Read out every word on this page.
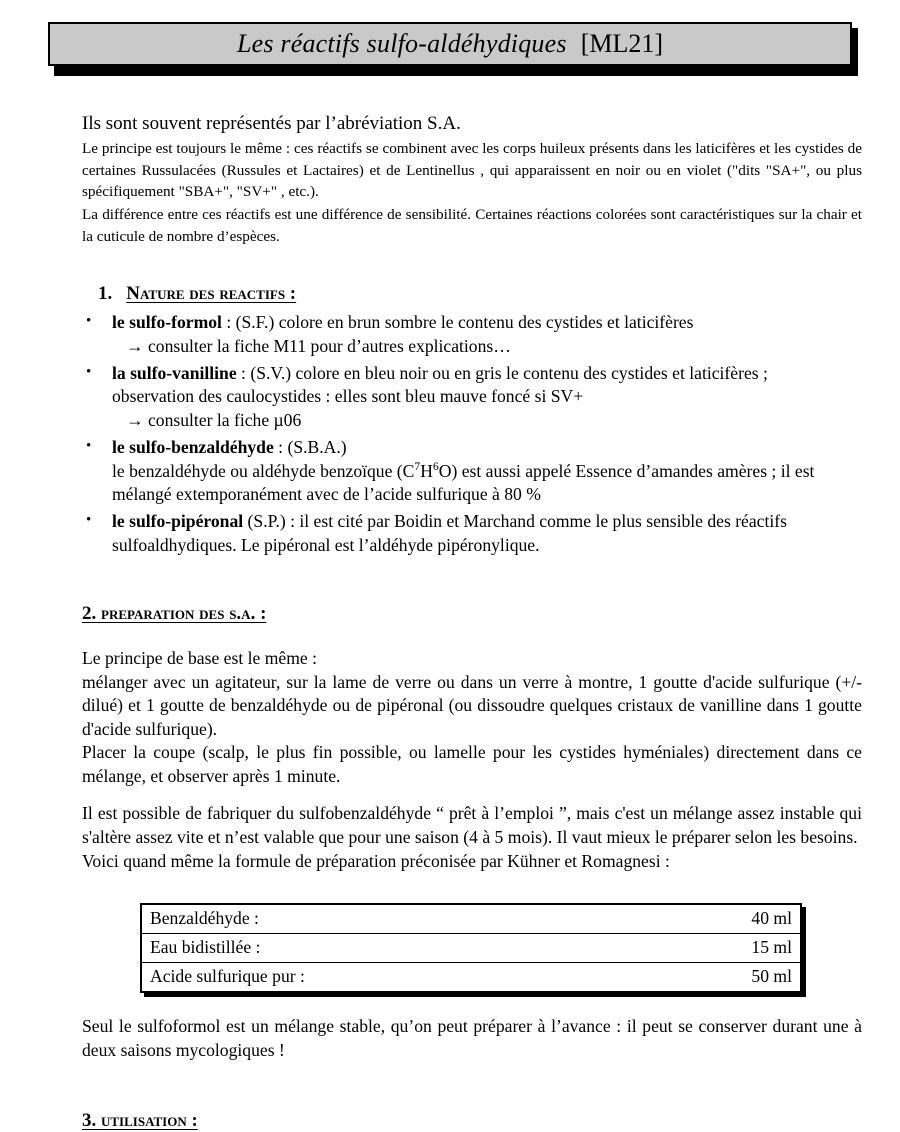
Les réactifs sulfo-aldéhydiques [ML21]

Ils sont souvent représentés par l’abréviation S.A.

Le principe est toujours le même : ces réactifs se combinent avec les corps huileux présents dans les laticifères et les cystides de certaines Russulacées (Russules et Lactaires) et de Lentinellus , qui apparaissent en noir ou en violet ("dits "SA+", ou plus spécifiquement "SBA+", "SV+" , etc.).

La différence entre ces réactifs est une différence de sensibilité. Certaines réactions colorées sont caractéristiques sur la chair et la cuticule de nombre d’espèces.

1. nature des reactifs :
• le sulfo-formol : (S.F.) colore en brun sombre le contenu des cystides et laticifères
→ consulter la fiche M11 pour d’autres explications…
• la sulfo-vanilline : (S.V.) colore en bleu noir ou en gris le contenu des cystides et laticifères ;
observation des caulocystides : elles sont bleu mauve foncé si SV+
→ consulter la fiche µ06
• le sulfo-benzaldéhyde : (S.B.A.)
le benzaldéhyde ou aldéhyde benzoïque $(C^7H^6O)$ est aussi appelé Essence d’amandes amères ; il est mélangé extemporanément avec de l’acide sulfurique à 80 %
• le sulfo-pipéronal (S.P.) : il est cité par Boidin et Marchand comme le plus sensible des réactifs sulfoaldhydiques. Le pipéronal est l’aldéhyde pipéronylique.
2. preparation des s.a. :

Le principe de base est le même :

mélanger avec un agitateur, sur la lame de verre ou dans un verre à montre, 1 goutte d'acide sulfurique (+/- dilué) et 1 goutte de benzaldéhyde ou de pipéronal (ou dissoudre quelques cristaux de vanilline dans 1 goutte d'acide sulfurique).

Placer la coupe (scalp, le plus fin possible, ou lamelle pour les cystides hyméniales) directement dans ce mélange, et observer après 1 minute.

Il est possible de fabriquer du sulfobenzaldéhyde “ prêt à l’emploi ”, mais c'est un mélange assez instable qui s'altère assez vite et n’est valable que pour une saison (4 à 5 mois). Il vaut mieux le préparer selon les besoins.

Voici quand même la formule de préparation préconisée par Kühner et Romagnesi :

Benzaldéhyde :	40 ml
Eau bidistillée :	15 ml
Acide sulfurique pur :	50 ml

Seul le sulfoformol est un mélange stable, qu’on peut préparer à l’avance : il peut se conserver durant une à deux saisons mycologiques !

3. utilisation :
